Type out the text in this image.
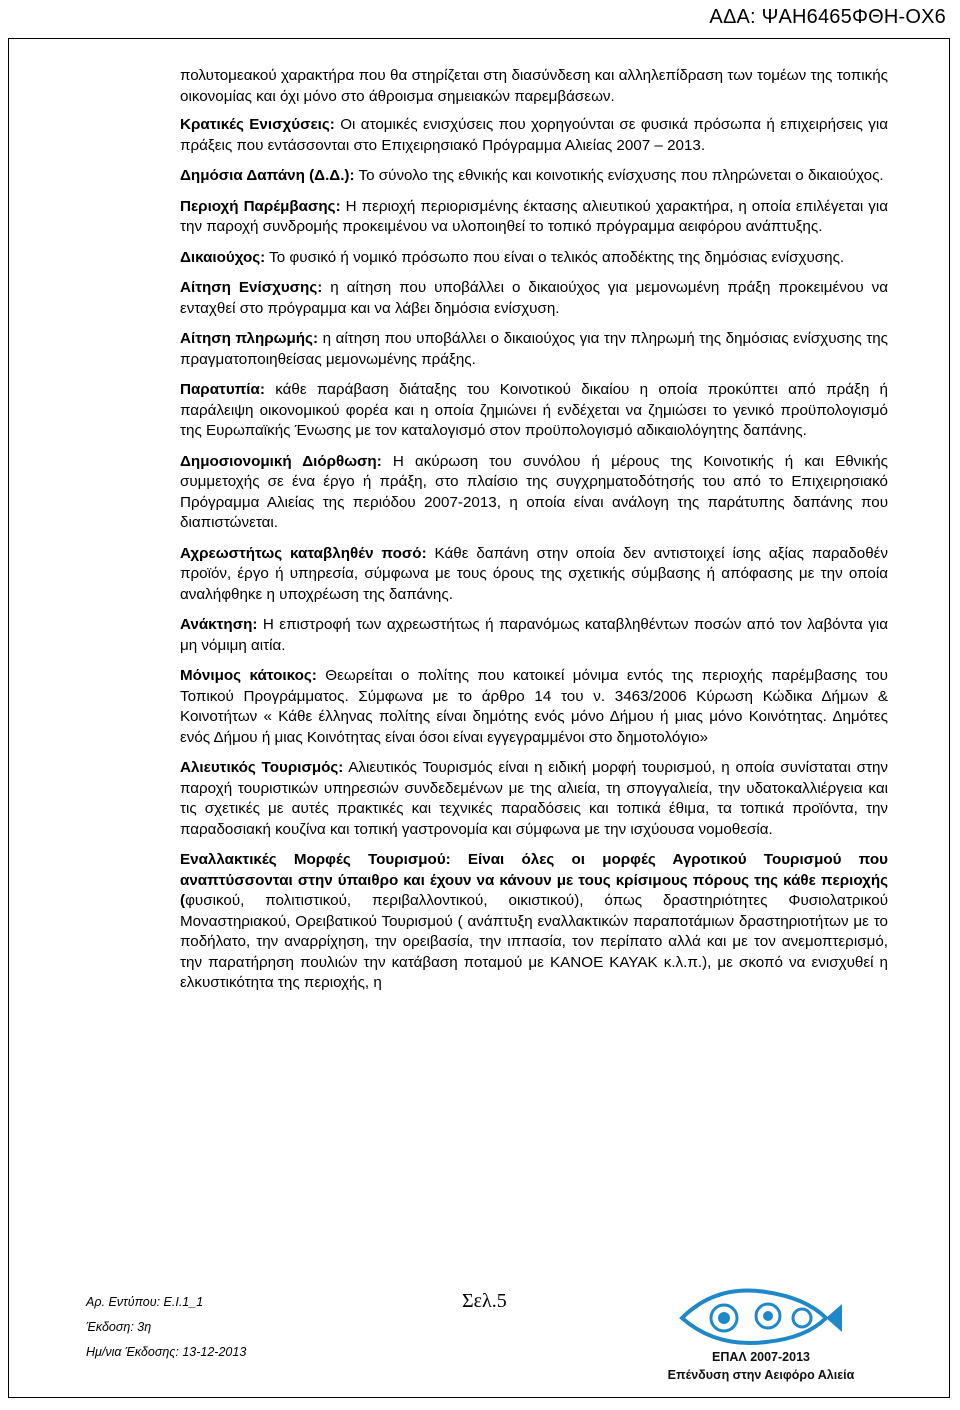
ΑΔΑ: ΨΑΗ6465ΦΘΗ-ΟΧ6

πολυτομεακού χαρακτήρα που θα στηρίζεται στη διασύνδεση και αλληλεπίδραση των τομέων της τοπικής οικονομίας και όχι μόνο στο άθροισμα σημειακών παρεμβάσεων.

Κρατικές Ενισχύσεις: Οι ατομικές ενισχύσεις που χορηγούνται σε φυσικά πρόσωπα ή επιχειρήσεις για πράξεις που εντάσσονται στο Επιχειρησιακό Πρόγραμμα Αλιείας 2007 – 2013.

Δημόσια Δαπάνη (Δ.Δ.): Το σύνολο της εθνικής και κοινοτικής ενίσχυσης που πληρώνεται ο δικαιούχος.

Περιοχή Παρέμβασης: Η περιοχή περιορισμένης έκτασης αλιευτικού χαρακτήρα, η οποία επιλέγεται για την παροχή συνδρομής προκειμένου να υλοποιηθεί το τοπικό πρόγραμμα αειφόρου ανάπτυξης.

Δικαιούχος: Το φυσικό ή νομικό πρόσωπο που είναι ο τελικός αποδέκτης της δημόσιας ενίσχυσης.

Αίτηση Ενίσχυσης: η αίτηση που υποβάλλει ο δικαιούχος για μεμονωμένη πράξη προκειμένου να ενταχθεί στο πρόγραμμα και να λάβει δημόσια ενίσχυση.

Αίτηση πληρωμής: η αίτηση που υποβάλλει ο δικαιούχος για την πληρωμή της δημόσιας ενίσχυσης της πραγματοποιηθείσας μεμονωμένης πράξης.

Παρατυπία: κάθε παράβαση διάταξης του Κοινοτικού δικαίου η οποία προκύπτει από πράξη ή παράλειψη οικονομικού φορέα και η οποία ζημιώνει ή ενδέχεται να ζημιώσει το γενικό προϋπολογισμό της Ευρωπαϊκής Ένωσης με τον καταλογισμό στον προϋπολογισμό αδικαιολόγητης δαπάνης.

Δημοσιονομική Διόρθωση: Η ακύρωση του συνόλου ή μέρους της Κοινοτικής ή και Εθνικής συμμετοχής σε ένα έργο ή πράξη, στο πλαίσιο της συγχρηματοδότησής του από το Επιχειρησιακό Πρόγραμμα Αλιείας της περιόδου 2007-2013, η οποία είναι ανάλογη της παράτυπης δαπάνης που διαπιστώνεται.

Αχρεωστήτως καταβληθέν ποσό: Κάθε δαπάνη στην οποία δεν αντιστοιχεί ίσης αξίας παραδοθέν προϊόν, έργο ή υπηρεσία, σύμφωνα με τους όρους της σχετικής σύμβασης ή απόφασης με την οποία αναλήφθηκε η υποχρέωση της δαπάνης.

Ανάκτηση: Η επιστροφή των αχρεωστήτως ή παρανόμως καταβληθέντων ποσών από τον λαβόντα για μη νόμιμη αιτία.

Μόνιμος κάτοικος: Θεωρείται ο πολίτης που κατοικεί μόνιμα εντός της περιοχής παρέμβασης του Τοπικού Προγράμματος. Σύμφωνα με το άρθρο 14 του ν. 3463/2006 Κύρωση Κώδικα Δήμων & Κοινοτήτων « Κάθε έλληνας πολίτης είναι δημότης ενός μόνο Δήμου ή μιας μόνο Κοινότητας. Δημότες ενός Δήμου ή μιας Κοινότητας είναι όσοι είναι εγγεγραμμένοι στο δημοτολόγιο»

Αλιευτικός Τουρισμός: Αλιευτικός Τουρισμός είναι η ειδική μορφή τουρισμού, η οποία συνίσταται στην παροχή τουριστικών υπηρεσιών συνδεδεμένων με της αλιεία, τη σπογγαλιεία, την υδατοκαλλιέργεια και τις σχετικές με αυτές πρακτικές και τεχνικές παραδόσεις και τοπικά έθιμα, τα τοπικά προϊόντα, την παραδοσιακή κουζίνα και τοπική γαστρονομία και σύμφωνα με την ισχύουσα νομοθεσία.

Εναλλακτικές Μορφές Τουρισμού: Είναι όλες οι μορφές Αγροτικού Τουρισμού που αναπτύσσονται στην ύπαιθρο και έχουν να κάνουν με τους κρίσιμους πόρους της κάθε περιοχής (φυσικού, πολιτιστικού, περιβαλλοντικού, οικιστικού), όπως δραστηριότητες Φυσιολατρικού Μοναστηριακού, Ορειβατικού Τουρισμού ( ανάπτυξη εναλλακτικών παραποτάμιων δραστηριοτήτων με το ποδήλατο, την αναρρίχηση, την ορειβασία, την ιππασία, τον περίπατο αλλά και με τον ανεμοπτερισμό, την παρατήρηση πουλιών την κατάβαση ποταμού με KANOE KAYAK κ.λ.π.), με σκοπό να ενισχυθεί η ελκυστικότητα της περιοχής, η

Αρ. Εντύπου: Ε.Ι.1_1
Έκδοση: 3η
Ημ/νια Έκδοσης: 13-12-2013
Σελ.5
ΕΠΑΛ 2007-2013
Επένδυση στην Αειφόρο Αλιεία
